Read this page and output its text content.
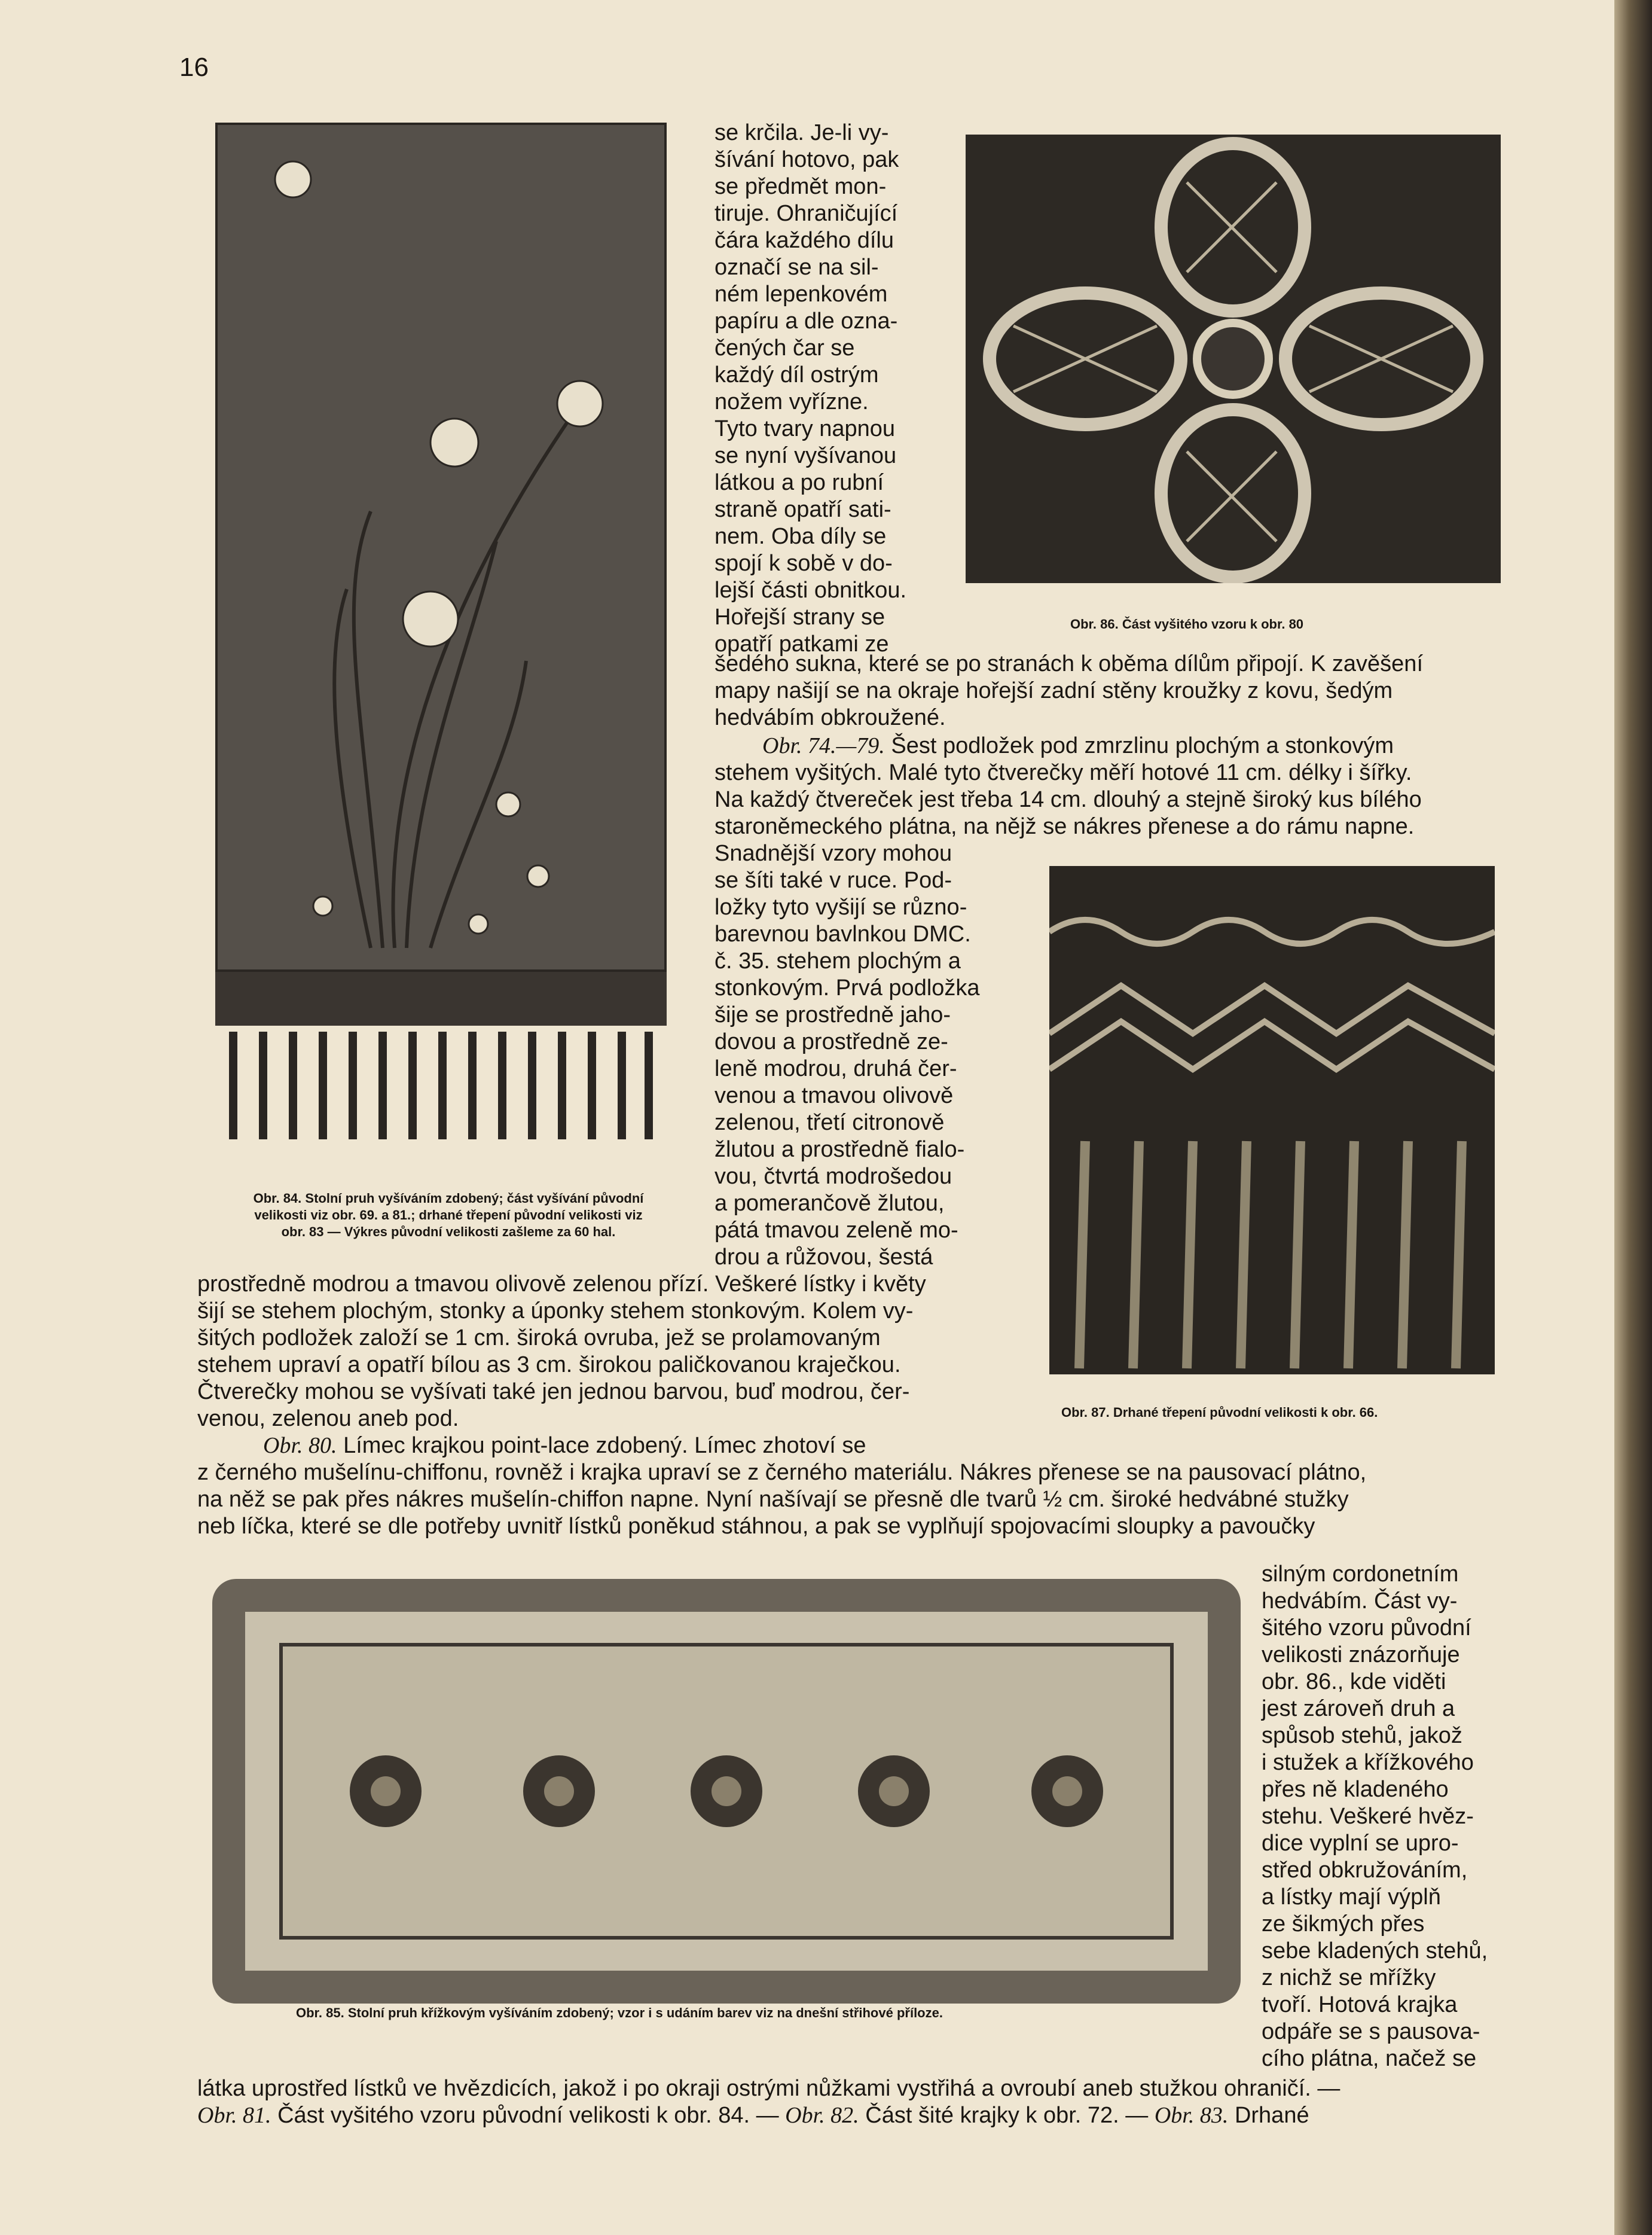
16
Obr. 84. Stolní pruh vyšíváním zdobený; část vyšívání původní
velikosti viz obr. 69. a 81.; drhané třepení původní velikosti viz
obr. 83 — Výkres původní velikosti zašleme za 60 hal.
se krčila. Je-li vy-
šívání hotovo, pak
se předmět mon-
tiruje. Ohraničující
čára každého dílu
označí se na sil-
ném lepenkovém
papíru a dle ozna-
čených čar se
každý díl ostrým
nožem vyřízne.
Tyto tvary napnou
se nyní vyšívanou
látkou a po rubní
straně opatří sati-
nem. Oba díly se
spojí k sobě v do-
lejší části obnitkou.
Hořejší strany se
opatří patkami ze
Obr. 86. Část vyšitého vzoru k obr. 80
šedého sukna, které se po stranách k oběma dílům připojí. K zavěšení
mapy našijí se na okraje hořejší zadní stěny kroužky z kovu, šedým
hedvábím obkroužené.
Obr. 74.—79. Šest podložek pod zmrzlinu plochým a stonkovým
stehem vyšitých. Malé tyto čtverečky měří hotové 11 cm. délky i šířky.
Na každý čtvereček jest třeba 14 cm. dlouhý a stejně široký kus bílého
staroněmeckého plátna, na nějž se nákres přenese a do rámu napne.
Snadnější vzory mohou
se šíti také v ruce. Pod-
ložky tyto vyšijí se různo-
barevnou bavlnkou DMC.
č. 35. stehem plochým a
stonkovým. Prvá podložka
šije se prostředně jaho-
dovou a prostředně ze-
leně modrou, druhá čer-
venou a tmavou olivově
zelenou, třetí citronově
žlutou a prostředně fialo-
vou, čtvrtá modrošedou
a pomerančově žlutou,
pátá tmavou zeleně mo-
drou a růžovou, šestá
Obr. 87. Drhané třepení původní velikosti k obr. 66.
prostředně modrou a tmavou olivově zelenou přízí. Veškeré lístky i květy
šijí se stehem plochým, stonky a úponky stehem stonkovým. Kolem vy-
šitých podložek založí se 1 cm. široká ovruba, jež se prolamovaným
stehem upraví a opatří bílou as 3 cm. širokou paličkovanou kraječkou.
Čtverečky mohou se vyšívati také jen jednou barvou, buď modrou, čer-
venou, zelenou aneb pod.
Obr. 80. Límec krajkou point-lace zdobený. Límec zhotoví se
z černého mušelínu-chiffonu, rovněž i krajka upraví se z černého materiálu. Nákres přenese se na pausovací plátno,
na něž se pak přes nákres mušelín-chiffon napne. Nyní našívají se přesně dle tvarů ½ cm. široké hedvábné stužky
neb líčka, které se dle potřeby uvnitř lístků poněkud stáhnou, a pak se vyplňují spojovacími sloupky a pavoučky
Obr. 85. Stolní pruh křížkovým vyšíváním zdobený; vzor i s udáním barev viz na dnešní střihové příloze.
silným cordonetním
hedvábím. Část vy-
šitého vzoru původní
velikosti znázorňuje
obr. 86., kde viděti
jest zároveň druh a
spůsob stehů, jakož
i stužek a křížkového
přes ně kladeného
stehu. Veškeré hvěz-
dice vyplní se upro-
střed obkružováním,
a lístky mají výplň
ze šikmých přes
sebe kladených stehů,
z nichž se mřížky
tvoří. Hotová krajka
odpáře se s pausova-
cího plátna, načež se
látka uprostřed lístků ve hvězdicích, jakož i po okraji ostrými nůžkami vystřihá a ovroubí aneb stužkou ohraničí. —
Obr. 81. Část vyšitého vzoru původní velikosti k obr. 84. — Obr. 82. Část šité krajky k obr. 72. — Obr. 83. Drhané
